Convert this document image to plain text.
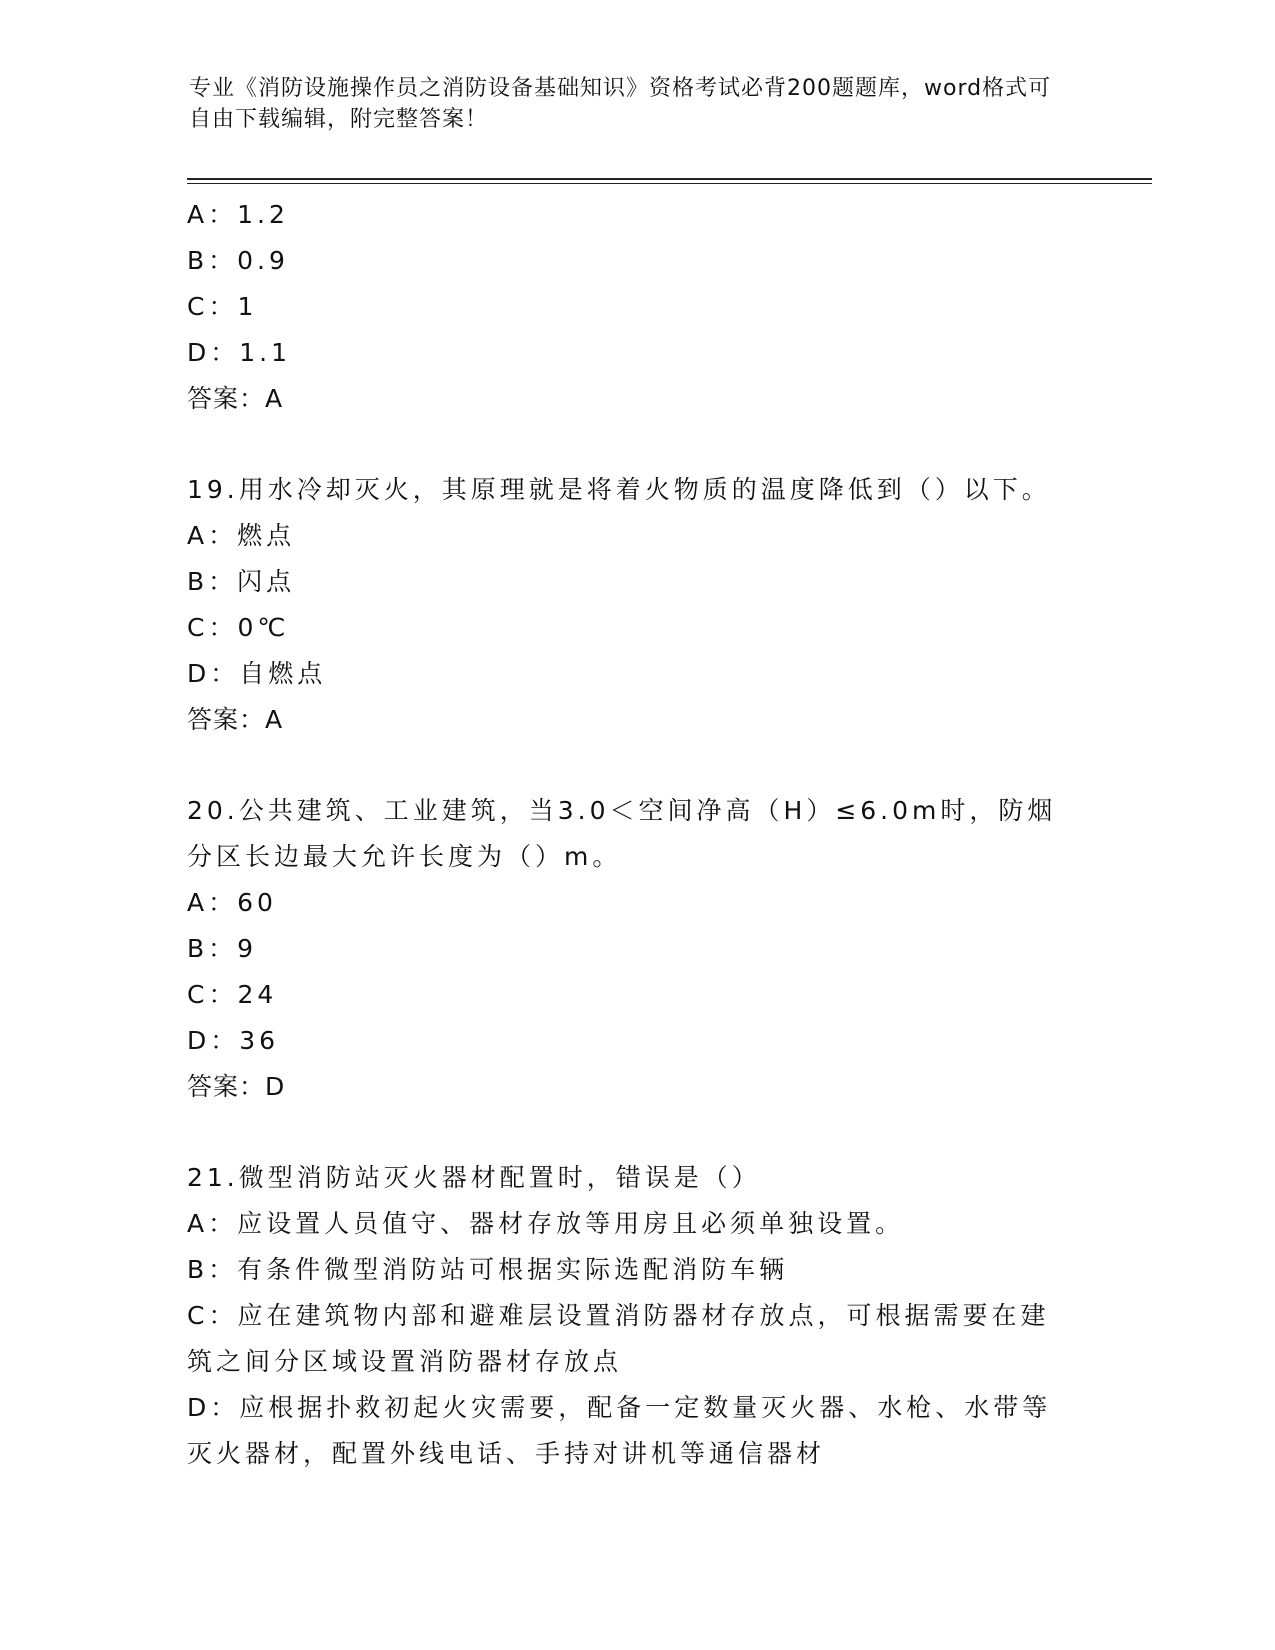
专业《消防设施操作员之消防设备基础知识》资格考试必背200题题库，word格式可自由下载编辑，附完整答案！
A：1.2
B：0.9
C：1
D：1.1
答案：A
19.用水冷却灭火，其原理就是将着火物质的温度降低到（）以下。
A：燃点
B：闪点
C：0℃
D：自燃点
答案：A
20.公共建筑、工业建筑，当3.0＜空间净高（H）≤6.0m时，防烟分区长边最大允许长度为（）m。
A：60
B：9
C：24
D：36
答案：D
21.微型消防站灭火器材配置时，错误是（）
A：应设置人员值守、器材存放等用房且必须单独设置。
B：有条件微型消防站可根据实际选配消防车辆
C：应在建筑物内部和避难层设置消防器材存放点，可根据需要在建筑之间分区域设置消防器材存放点
D：应根据扑救初起火灾需要，配备一定数量灭火器、水枪、水带等灭火器材，配置外线电话、手持对讲机等通信器材
